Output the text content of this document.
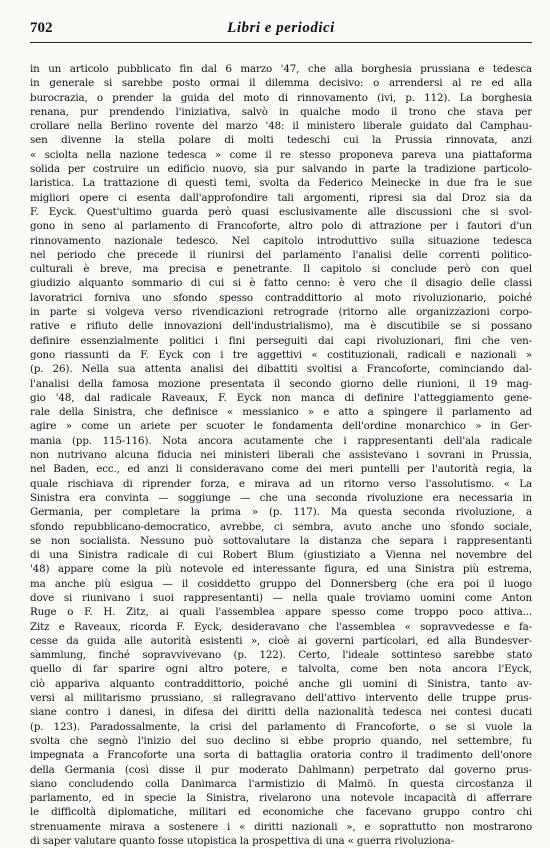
702	Libri e periodici
in un articolo pubblicato fin dal 6 marzo '47, che alla borghesia prussiana e tedesca
in generale si sarebbe posto ormai il dilemma decisivo: o arrendersi al re ed alla
burocrazia, o prender la guida del moto di rinnovamento (ivi, p. 112). La borghesia
renana, pur prendendo l'iniziativa, salvò in qualche modo il trono che stava per
crollare nella Berlino rovente del marzo '48: il ministero liberale guidato dal Camphau-
sen divenne la stella polare di molti tedeschi cui la Prussia rinnovata, anzi
« sciolta nella nazione tedesca » come il re stesso proponeva pareva una piattaforma
solida per costruire un edificio nuovo, sia pur salvando in parte la tradizione particolo-
laristica. La trattazione di questi temi, svolta da Federico Meinecke in due fra le sue
migliori opere ci esenta dall'approfondire tali argomenti, ripresi sia dal Droz sia da
F. Eyck. Quest'ultimo guarda però quasi esclusivamente alle discussioni che si svol-
gono in seno al parlamento di Francoforte, altro polo di attrazione per i fautori d'un
rinnovamento nazionale tedesco. Nel capitolo introduttivo sulla situazione tedesca
nel periodo che precede il riunirsi del parlamento l'analisi delle correnti politico-
culturali è breve, ma precisa e penetrante. Il capitolo si conclude però con quel
giudizio alquanto sommario di cui si è fatto cenno: è vero che il disagio delle classi
lavoratrici forniva uno sfondo spesso contraddittorio al moto rivoluzionario, poiché
in parte si volgeva verso rivendicazioni retrograde (ritorno alle organizzazioni corpo-
rative e rifiuto delle innovazioni dell'industrialismo), ma è discutibile se si possano
definire essenzialmente politici i fini perseguiti dai capi rivoluzionari, fini che ven-
gono riassunti da F. Eyck con i tre aggettivi « costituzionali, radicali e nazionali »
(p. 26). Nella sua attenta analisi dei dibattiti svoltisi a Francoforte, cominciando dal-
l'analisi della famosa mozione presentata il secondo giorno delle riunioni, il 19 mag-
gio '48, dal radicale Raveaux, F. Eyck non manca di definire l'atteggiamento gene-
rale della Sinistra, che definisce « messianico » e atto a spingere il parlamento ad
agire » come un ariete per scuoter le fondamenta dell'ordine monarchico » in Ger-
mania (pp. 115-116). Nota ancora acutamente che i rappresentanti dell'ala radicale
non nutrivano alcuna fiducia nei ministeri liberali che assistevano i sovrani in Prussia,
nel Baden, ecc., ed anzi li consideravano come dei meri puntelli per l'autorità regia, la
quale rischiava di riprender forza, e mirava ad un ritorno verso l'assolutismo. « La
Sinistra era convinta — soggiunge — che una seconda rivoluzione era necessaria in
Germania, per completare la prima » (p. 117). Ma questa seconda rivoluzione, a
sfondo repubblicano-democratico, avrebbe, ci sembra, avuto anche uno sfondo sociale,
se non socialista. Nessuno può sottovalutare la distanza che separa i rappresentanti
di una Sinistra radicale di cui Robert Blum (giustiziato a Vienna nel novembre del
'48) appare come la più notevole ed interessante figura, ed una Sinistra più estrema,
ma anche più esigua — il cosiddetto gruppo del Donnersberg (che era poi il luogo
dove si riunivano i suoi rappresentanti) — nella quale troviamo uomini come Anton
Ruge o F. H. Zitz, ai quali l'assemblea appare spesso come troppo poco attiva...
Zitz e Raveaux, ricorda F. Eyck, desideravano che l'assemblea « sopravvedesse e fa-
cesse da guida alle autorità esistenti », cioè ai governi particolari, ed alla Bundesver-
sammlung, finché sopravvivevano (p. 122). Certo, l'ideale sottinteso sarebbe stato
quello di far sparire ogni altro potere, e talvolta, come ben nota ancora l'Eyck,
ciò appariva alquanto contraddittorio, poiché anche gli uomini di Sinistra, tanto av-
versi al militarismo prussiano, si rallegravano dell'attivo intervento delle truppe prus-
siane contro i danesi, in difesa dei diritti della nazionalità tedesca nei contesi ducati
(p. 123). Paradossalmente, la crisi del parlamento di Francoforte, o se si vuole la
svolta che segnò l'inizio del suo declino si ebbe proprio quando, nel settembre, fu
impegnata a Francoforte una sorta di battaglia oratoria contro il tradimento dell'onore
della Germania (così disse il pur moderato Dahlmann) perpetrato dal governo prus-
siano concludendo colla Danimarca l'armistizio di Malmö. In questa circostanza il
parlamento, ed in specie la Sinistra, rivelarono una notevole incapacità di afferrare
le difficoltà diplomatiche, militari ed economiche che facevano gruppo contro chi
strenuamente mirava a sostenere i « diritti nazionali », e soprattutto non mostrarono
di saper valutare quanto fosse utopistica la prospettiva di una « guerra rivoluziona-
